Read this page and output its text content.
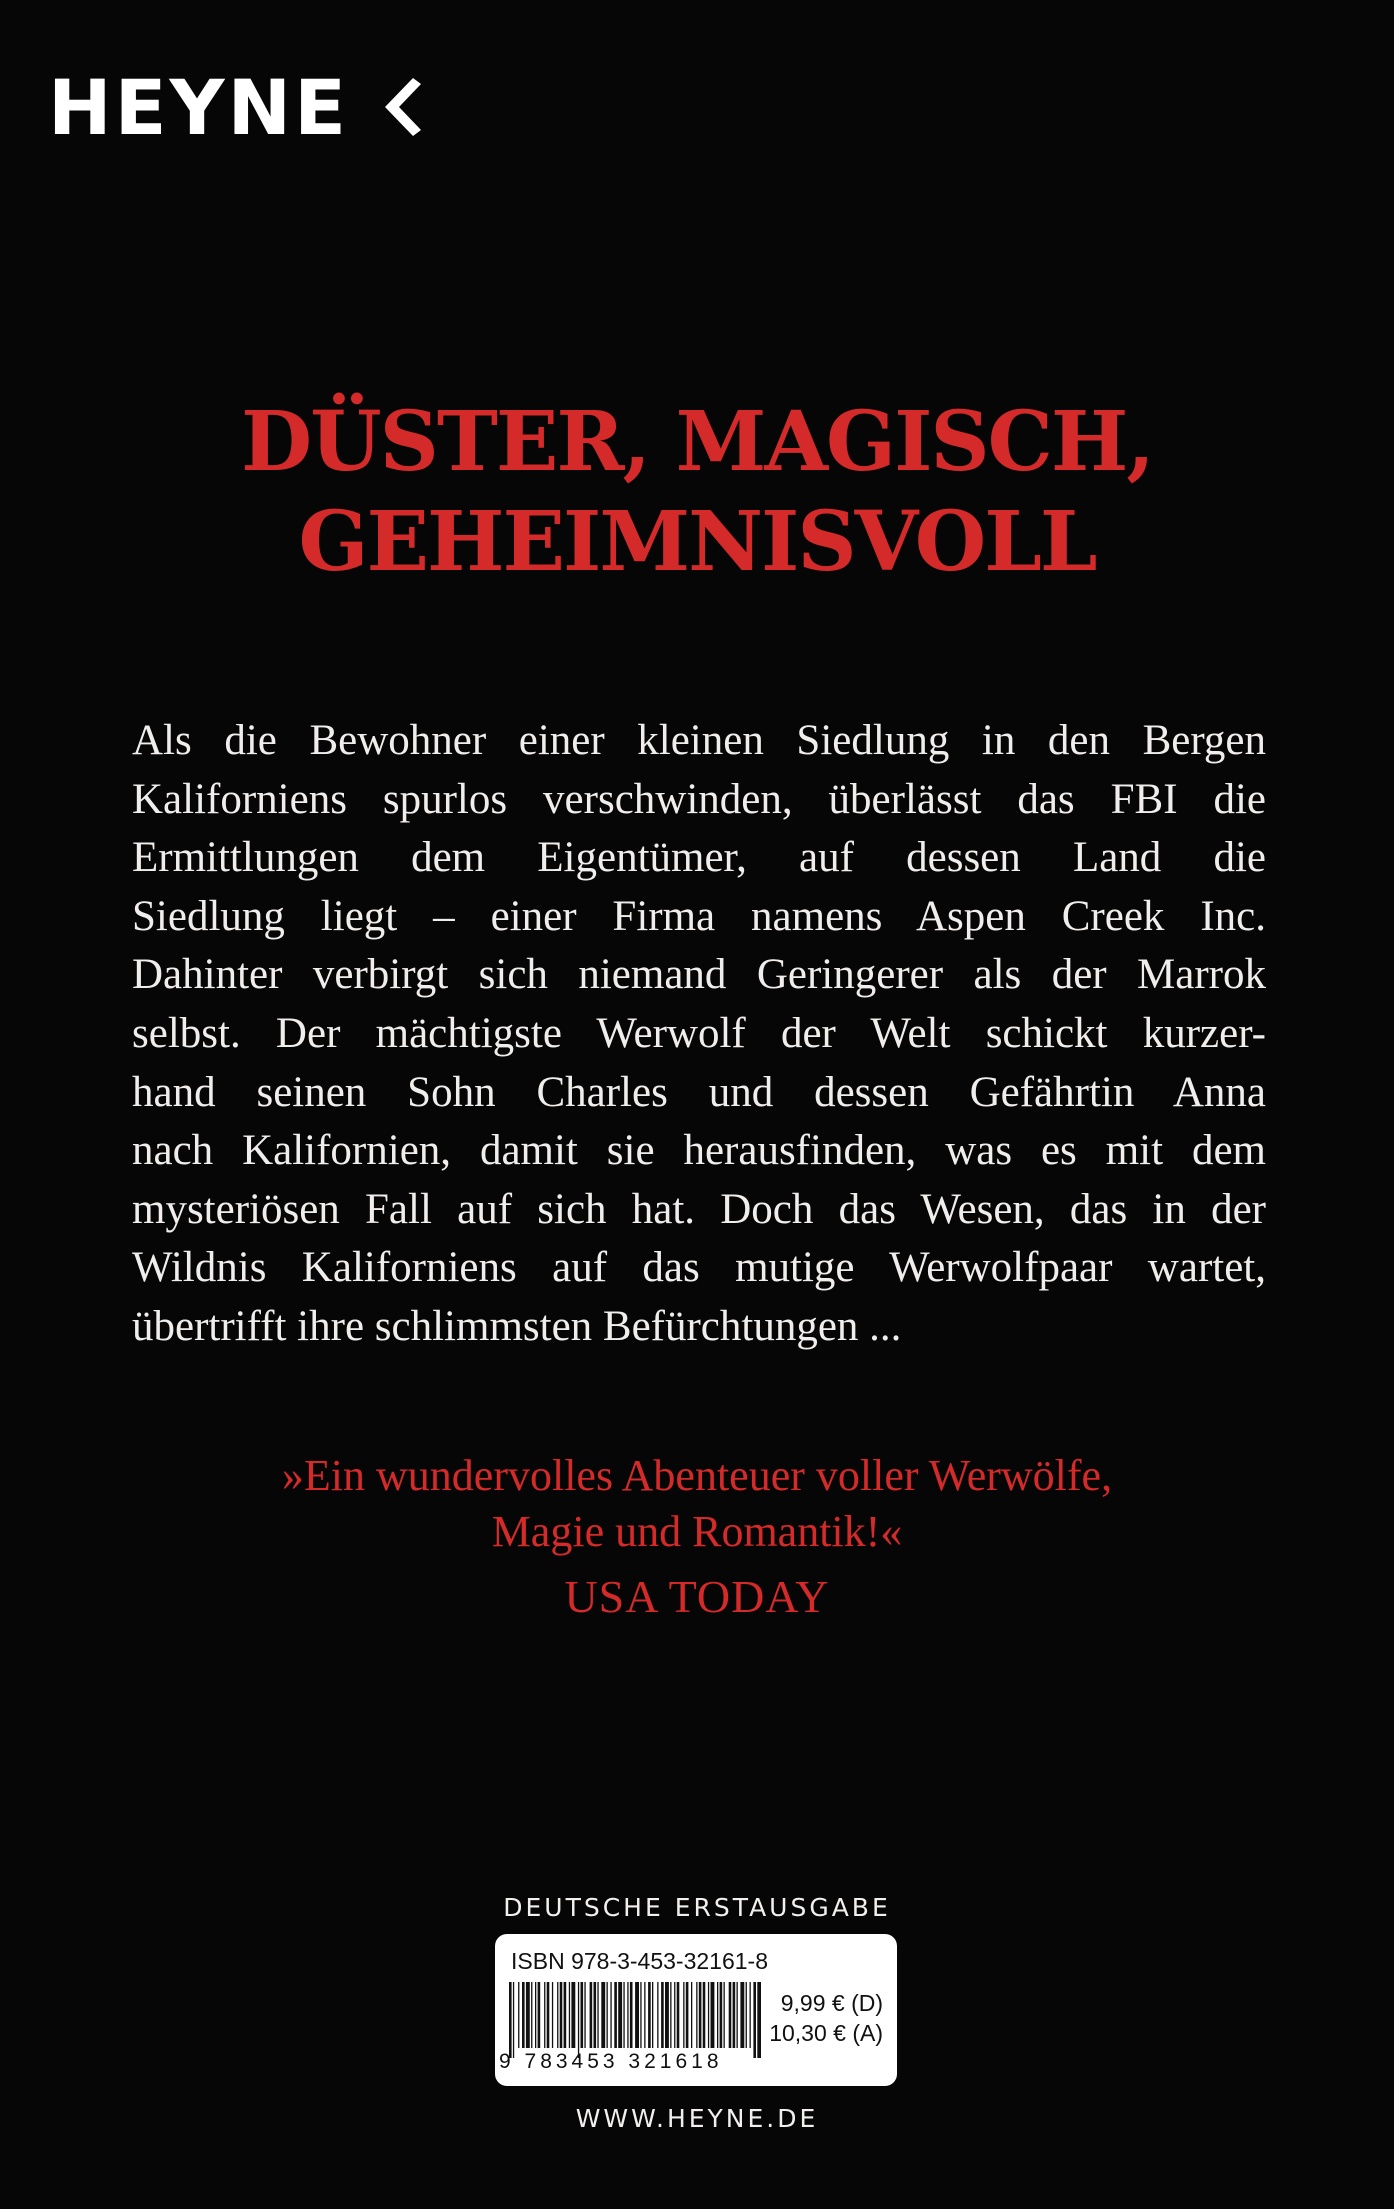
HEYNE
DÜSTER, MAGISCH,
GEHEIMNISVOLL
Als die Bewohner einer kleinen Siedlung in den Bergen
Kaliforniens spurlos verschwinden, überlässt das FBI die
Ermittlungen dem Eigentümer, auf dessen Land die
Siedlung liegt – einer Firma namens Aspen Creek Inc.
Dahinter verbirgt sich niemand Geringerer als der Marrok
selbst. Der mächtigste Werwolf der Welt schickt kurzer-
hand seinen Sohn Charles und dessen Gefährtin Anna
nach Kalifornien, damit sie herausfinden, was es mit dem
mysteriösen Fall auf sich hat. Doch das Wesen, das in der
Wildnis Kaliforniens auf das mutige Werwolfpaar wartet,
übertrifft ihre schlimmsten Befürchtungen ...
»Ein wundervolles Abenteuer voller Werwölfe,
Magie und Romantik!«
USA TODAY
DEUTSCHE ERSTAUSGABE
ISBN 978-3-453-32161-8
9 783453 321618
9,99 € (D)
10,30 € (A)
WWW.HEYNE.DE
